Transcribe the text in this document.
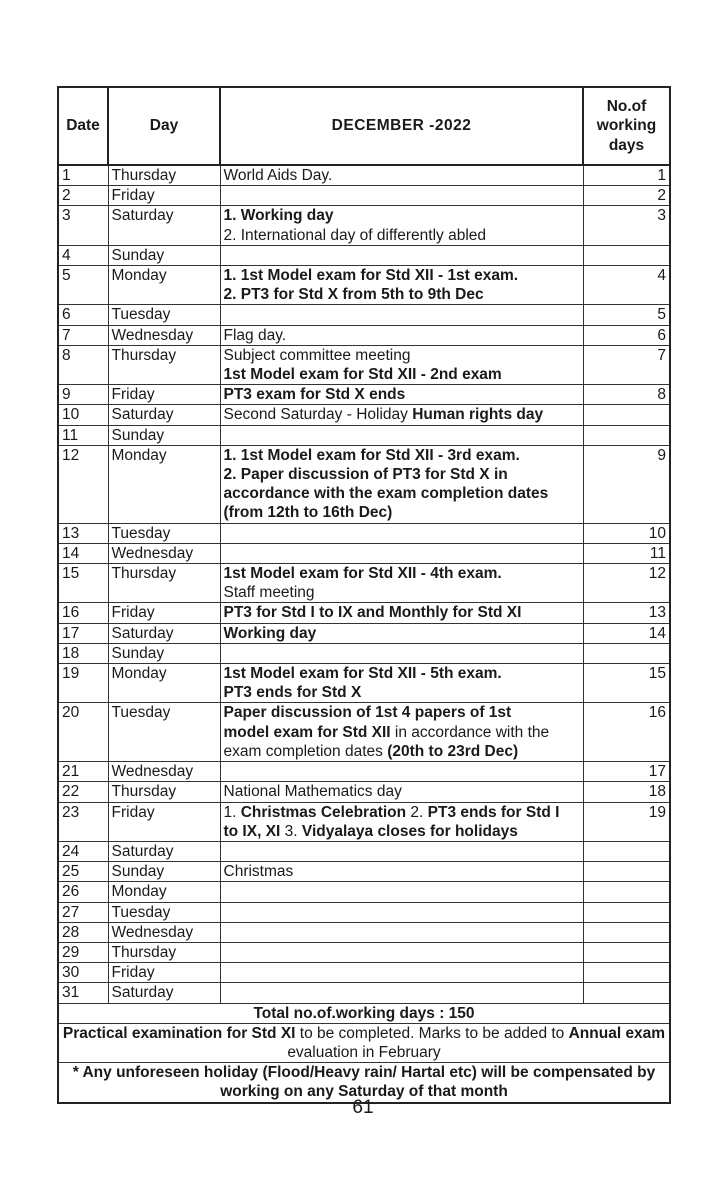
Date	Day	DECEMBER -2022	No.of working days
1	Thursday	World Aids Day.	1
2	Friday		2
3	Saturday	1. Working day
2. International day of differently abled	3
4	Sunday		
5	Monday	1. 1st Model exam for Std XII - 1st exam.
2. PT3 for Std X from 5th to 9th Dec	4
6	Tuesday		5
7	Wednesday	Flag day.	6
8	Thursday	Subject committee meeting
1st Model exam for Std XII - 2nd exam	7
9	Friday	PT3 exam for Std X ends	8
10	Saturday	Second Saturday - Holiday Human rights day	

11	Sunday		
12	Monday	1. 1st Model exam for Std XII - 3rd exam.
2. Paper discussion of PT3 for Std X in
accordance with the exam completion dates
(from 12th to 16th Dec)	9
13	Tuesday		10
14	Wednesday		11
15	Thursday	1st Model exam for Std XII - 4th exam.
Staff meeting	12
16	Friday	PT3 for Std I to IX and Monthly for Std XI	13
17	Saturday	Working day	14
18	Sunday		
19	Monday	1st Model exam for Std XII - 5th exam.
PT3 ends for Std X	15
20	Tuesday	Paper discussion of 1st 4 papers of 1st
model exam for Std XII in accordance with the
exam completion dates (20th to 23rd Dec)	16
21	Wednesday		17
22	Thursday	National Mathematics day	18
23	Friday	1. Christmas Celebration 2. PT3 ends for Std I
to IX, XI 3. Vidyalaya closes for holidays	19
24	Saturday		
25	Sunday	Christmas	

26	Monday		
27	Tuesday		
28	Wednesday		
29	Thursday		
30	Friday		
31	Saturday		
Total no.of.working days : 150			
Practical examination for Std XI to be completed. Marks to be added to Annual exam evaluation in February			
* Any unforeseen holiday (Flood/Heavy rain/ Hartal etc) will be compensated by working on any Saturday of that month			
61
